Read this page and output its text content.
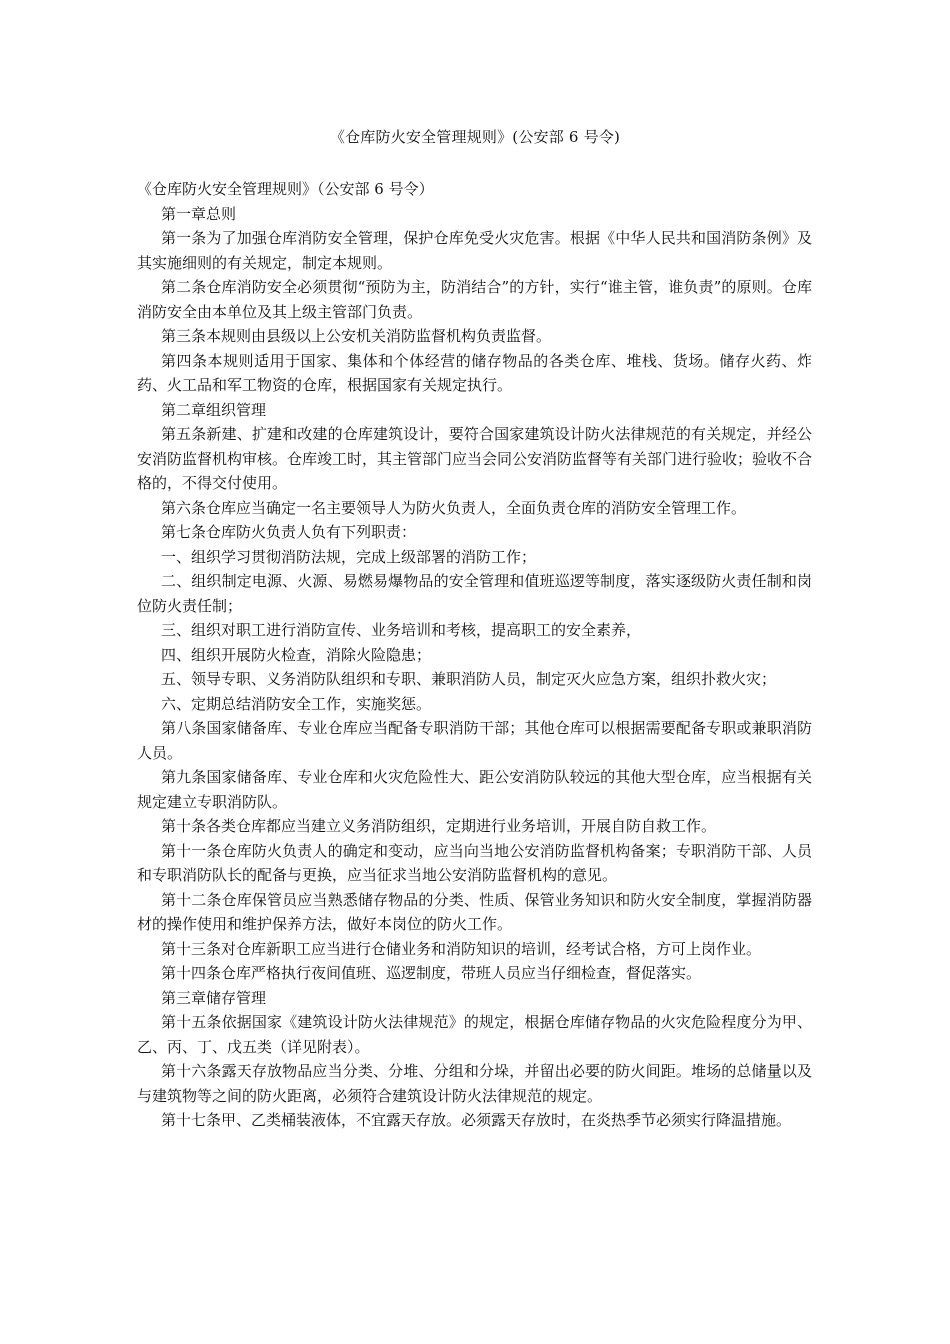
《仓库防火安全管理规则》(公安部 6 号令)

《仓库防火安全管理规则》（公安部 6 号令）

第一章总则

第一条为了加强仓库消防安全管理，保护仓库免受火灾危害。根据《中华人民共和国消防条例》及其实施细则的有关规定，制定本规则。

第二条仓库消防安全必须贯彻“预防为主，防消结合”的方针，实行“谁主管，谁负责”的原则。仓库消防安全由本单位及其上级主管部门负责。

第三条本规则由县级以上公安机关消防监督机构负责监督。

第四条本规则适用于国家、集体和个体经营的储存物品的各类仓库、堆栈、货场。储存火药、炸药、火工品和军工物资的仓库，根据国家有关规定执行。

第二章组织管理

第五条新建、扩建和改建的仓库建筑设计，要符合国家建筑设计防火法律规范的有关规定，并经公安消防监督机构审核。仓库竣工时，其主管部门应当会同公安消防监督等有关部门进行验收；验收不合格的，不得交付使用。

第六条仓库应当确定一名主要领导人为防火负责人，全面负责仓库的消防安全管理工作。

第七条仓库防火负责人负有下列职责：

一、组织学习贯彻消防法规，完成上级部署的消防工作；

二、组织制定电源、火源、易燃易爆物品的安全管理和值班巡逻等制度，落实逐级防火责任制和岗位防火责任制；

三、组织对职工进行消防宣传、业务培训和考核，提高职工的安全素养，

四、组织开展防火检查，消除火险隐患；

五、领导专职、义务消防队组织和专职、兼职消防人员，制定灭火应急方案，组织扑救火灾；

六、定期总结消防安全工作，实施奖惩。

第八条国家储备库、专业仓库应当配备专职消防干部；其他仓库可以根据需要配备专职或兼职消防人员。

第九条国家储备库、专业仓库和火灾危险性大、距公安消防队较远的其他大型仓库，应当根据有关规定建立专职消防队。

第十条各类仓库都应当建立义务消防组织，定期进行业务培训，开展自防自救工作。

第十一条仓库防火负责人的确定和变动，应当向当地公安消防监督机构备案；专职消防干部、人员和专职消防队长的配备与更换，应当征求当地公安消防监督机构的意见。

第十二条仓库保管员应当熟悉储存物品的分类、性质、保管业务知识和防火安全制度，掌握消防器材的操作使用和维护保养方法，做好本岗位的防火工作。

第十三条对仓库新职工应当进行仓储业务和消防知识的培训，经考试合格，方可上岗作业。

第十四条仓库严格执行夜间值班、巡逻制度，带班人员应当仔细检查，督促落实。

第三章储存管理

第十五条依据国家《建筑设计防火法律规范》的规定，根据仓库储存物品的火灾危险程度分为甲、乙、丙、丁、戊五类（详见附表）。

第十六条露天存放物品应当分类、分堆、分组和分垛，并留出必要的防火间距。堆场的总储量以及与建筑物等之间的防火距离，必须符合建筑设计防火法律规范的规定。

第十七条甲、乙类桶装液体，不宜露天存放。必须露天存放时，在炎热季节必须实行降温措施。
